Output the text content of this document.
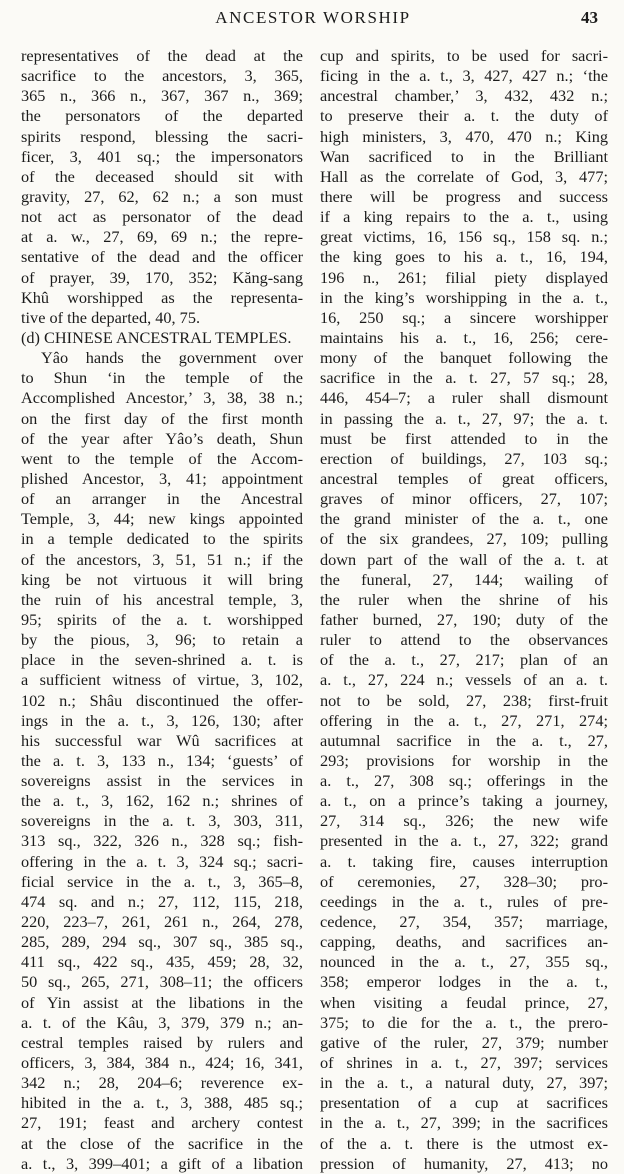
ANCESTOR WORSHIP	43
representatives of the dead at the
sacrifice to the ancestors, 3, 365,
365 n., 366 n., 367, 367 n., 369;
the personators of the departed
spirits respond, blessing the sacri-
ficer, 3, 401 sq.; the impersonators
of the deceased should sit with
gravity, 27, 62, 62 n.; a son must
not act as personator of the dead
at a. w., 27, 69, 69 n.; the repre-
sentative of the dead and the officer
of prayer, 39, 170, 352; Kăng-sang
Khû worshipped as the representa-
tive of the departed, 40, 75.
(d) CHINESE ANCESTRAL TEMPLES.
Yâo hands the government over
to Shun ‘in the temple of the
Accomplished Ancestor,’ 3, 38, 38 n.;
on the first day of the first month
of the year after Yâo’s death, Shun
went to the temple of the Accom-
plished Ancestor, 3, 41; appointment
of an arranger in the Ancestral
Temple, 3, 44; new kings appointed
in a temple dedicated to the spirits
of the ancestors, 3, 51, 51 n.; if the
king be not virtuous it will bring
the ruin of his ancestral temple, 3,
95; spirits of the a. t. worshipped
by the pious, 3, 96; to retain a
place in the seven-shrined a. t. is
a sufficient witness of virtue, 3, 102,
102 n.; Shâu discontinued the offer-
ings in the a. t., 3, 126, 130; after
his successful war Wû sacrifices at
the a. t. 3, 133 n., 134; ‘guests’ of
sovereigns assist in the services in
the a. t., 3, 162, 162 n.; shrines of
sovereigns in the a. t. 3, 303, 311,
313 sq., 322, 326 n., 328 sq.; fish-
offering in the a. t. 3, 324 sq.; sacri-
ficial service in the a. t., 3, 365–8,
474 sq. and n.; 27, 112, 115, 218,
220, 223–7, 261, 261 n., 264, 278,
285, 289, 294 sq., 307 sq., 385 sq.,
411 sq., 422 sq., 435, 459; 28, 32,
50 sq., 265, 271, 308–11; the officers
of Yin assist at the libations in the
a. t. of the Kâu, 3, 379, 379 n.; an-
cestral temples raised by rulers and
officers, 3, 384, 384 n., 424; 16, 341,
342 n.; 28, 204–6; reverence ex-
hibited in the a. t., 3, 388, 485 sq.;
27, 191; feast and archery contest
at the close of the sacrifice in the
a. t., 3, 399–401; a gift of a libation
cup and spirits, to be used for sacri-
ficing in the a. t., 3, 427, 427 n.; ‘the
ancestral chamber,’ 3, 432, 432 n.;
to preserve their a. t. the duty of
high ministers, 3, 470, 470 n.; King
Wan sacrificed to in the Brilliant
Hall as the correlate of God, 3, 477;
there will be progress and success
if a king repairs to the a. t., using
great victims, 16, 156 sq., 158 sq. n.;
the king goes to his a. t., 16, 194,
196 n., 261; filial piety displayed
in the king’s worshipping in the a. t.,
16, 250 sq.; a sincere worshipper
maintains his a. t., 16, 256; cere-
mony of the banquet following the
sacrifice in the a. t. 27, 57 sq.; 28,
446, 454–7; a ruler shall dismount
in passing the a. t., 27, 97; the a. t.
must be first attended to in the
erection of buildings, 27, 103 sq.;
ancestral temples of great officers,
graves of minor officers, 27, 107;
the grand minister of the a. t., one
of the six grandees, 27, 109; pulling
down part of the wall of the a. t. at
the funeral, 27, 144; wailing of
the ruler when the shrine of his
father burned, 27, 190; duty of the
ruler to attend to the observances
of the a. t., 27, 217; plan of an
a. t., 27, 224 n.; vessels of an a. t.
not to be sold, 27, 238; first-fruit
offering in the a. t., 27, 271, 274;
autumnal sacrifice in the a. t., 27,
293; provisions for worship in the
a. t., 27, 308 sq.; offerings in the
a. t., on a prince’s taking a journey,
27, 314 sq., 326; the new wife
presented in the a. t., 27, 322; grand
a. t. taking fire, causes interruption
of ceremonies, 27, 328–30; pro-
ceedings in the a. t., rules of pre-
cedence, 27, 354, 357; marriage,
capping, deaths, and sacrifices an-
nounced in the a. t., 27, 355 sq.,
358; emperor lodges in the a. t.,
when visiting a feudal prince, 27,
375; to die for the a. t., the prero-
gative of the ruler, 27, 379; number
of shrines in a. t., 27, 397; services
in the a. t., a natural duty, 27, 397;
presentation of a cup at sacrifices
in the a. t., 27, 399; in the sacrifices
of the a. t. there is the utmost ex-
pression of humanity, 27, 413; no
